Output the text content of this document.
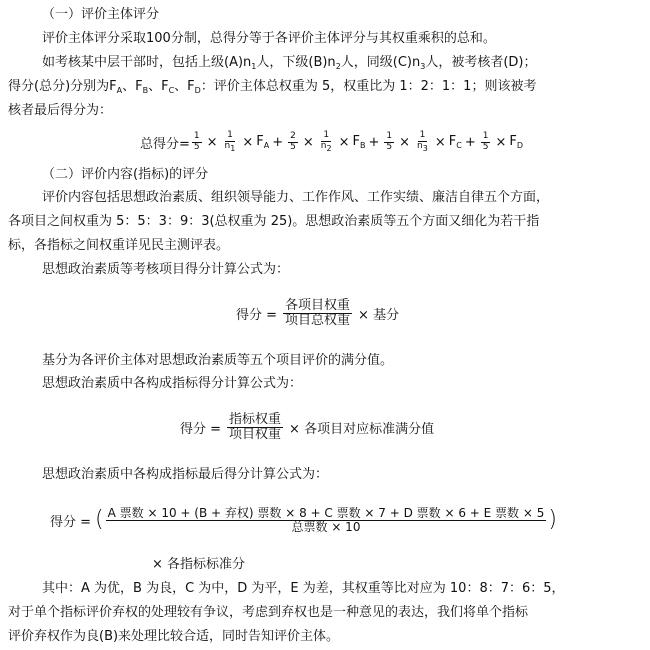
（一）评价主体评分
评价主体评分采取100分制，总得分等于各评价主体评分与其权重乘积的总和。
如考核某中层干部时，包括上级$(A)n_1$人，下级$(B)n_2$人，同级$(C)n_3$人，被考核者(D)；
得分(总分)分别为$F_A$、$F_B$、$F_C$、$F_D$：评价主体总权重为 5，权重比为 1：2：1：1；则该被考
核者最后得分为：
总得分= $\frac{1}{5} \times \frac{1}{n1} \times F_A + \frac{2}{5} \times \frac{1}{n2} \times F_B + \frac{1}{5} \times \frac{1}{n3} \times F_C + \frac{1}{5} \times F_D$
（二）评价内容(指标)的评分
评价内容包括思想政治素质、组织领导能力、工作作风、工作实绩、廉洁自律五个方面，
各项目之间权重为 5：5：3：9：3(总权重为 25)。思想政治素质等五个方面又细化为若干指
标，各指标之间权重详见民主测评表。
思想政治素质等考核项目得分计算公式为：
得分 = $\frac{\text{各项目权重}}{\text{项目总权重}}$ × 基分
基分为各评价主体对思想政治素质等五个项目评价的满分值。
思想政治素质中各构成指标得分计算公式为：
得分 = $\frac{\text{指标权重}}{\text{项目权重}}$ × 各项目对应标准满分值
思想政治素质中各构成指标最后得分计算公式为：
得分 = ( $\frac{\text{A 票数 × 10 + (B + 弃权) 票数 × 8 + C 票数 × 7 + D 票数 × 6 + E 票数 × 5}}{\text{总票数 × 10}}$ )
× 各指标标准分
其中：A 为优，B 为良，C 为中，D 为平，E 为差，其权重等比对应为 10：8：7：6：5，
对于单个指标评价弃权的处理较有争议，考虑到弃权也是一种意见的表达，我们将单个指标
评价弃权作为良(B)来处理比较合适，同时告知评价主体。
